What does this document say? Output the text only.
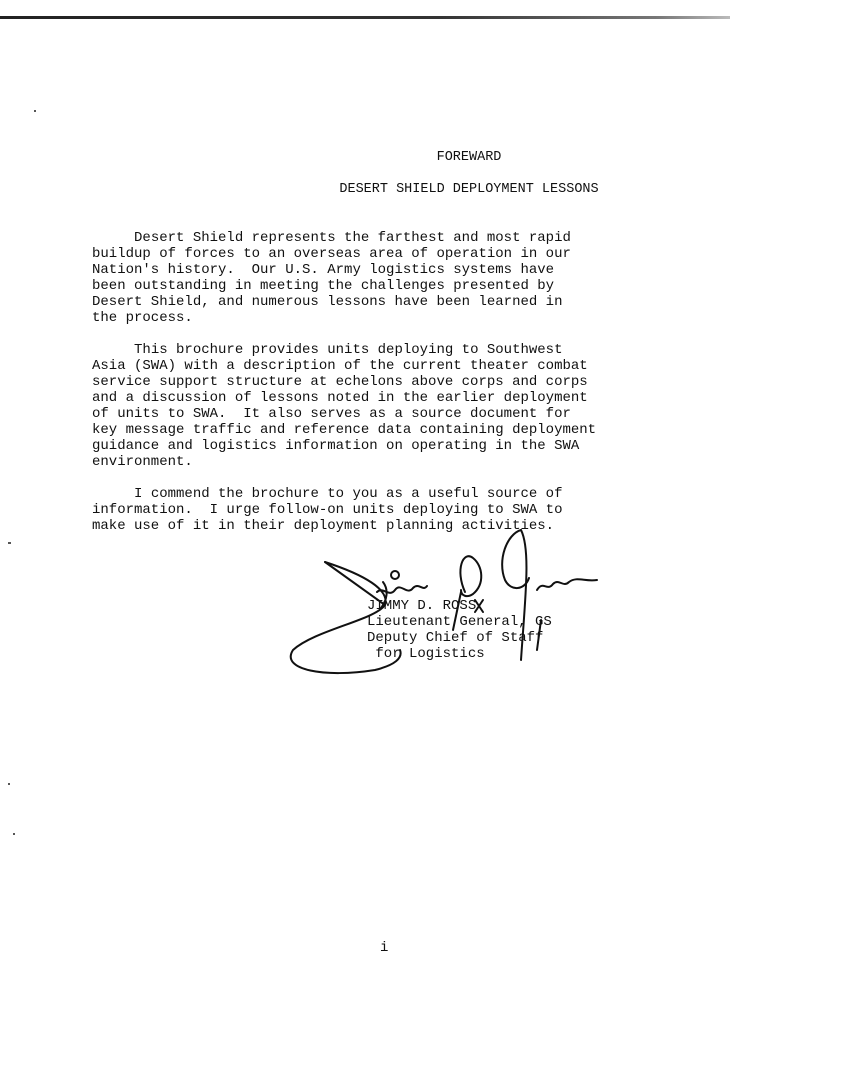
FOREWARD
DESERT SHIELD DEPLOYMENT LESSONS

Desert Shield represents the farthest and most rapid
buildup of forces to an overseas area of operation in our
Nation's history.  Our U.S. Army logistics systems have
been outstanding in meeting the challenges presented by
Desert Shield, and numerous lessons have been learned in
the process.

This brochure provides units deploying to Southwest
Asia (SWA) with a description of the current theater combat
service support structure at echelons above corps and corps
and a discussion of lessons noted in the earlier deployment
of units to SWA.  It also serves as a source document for
key message traffic and reference data containing deployment
guidance and logistics information on operating in the SWA
environment.

I commend the brochure to you as a useful source of
information.  I urge follow-on units deploying to SWA to
make use of it in their deployment planning activities.

JIMMY D. ROSS
Lieutenant General, GS
Deputy Chief of Staff
for Logistics
i
